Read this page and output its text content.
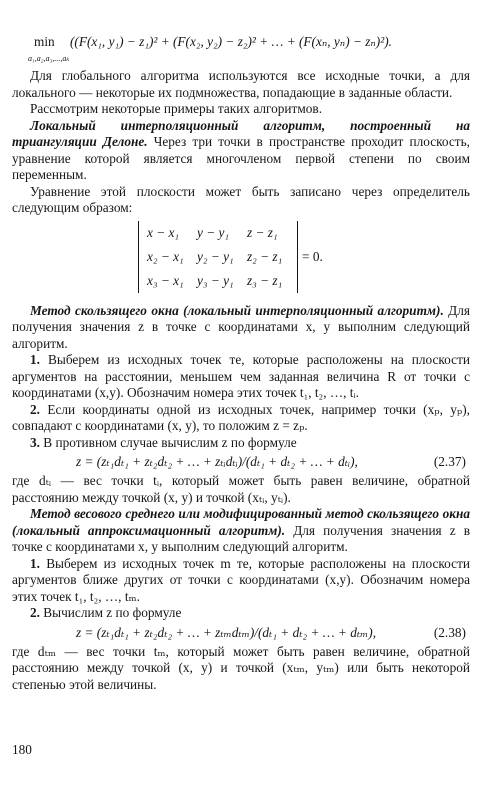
min
a₁,a₂,a₃,...,aₖ
((F(x₁, y₁) − z₁)² + (F(x₂, y₂) − z₂)² + … + (F(xₙ, yₙ) − zₙ)²).

Для глобального алгоритма используются все исходные точки, а для локального — некоторые их подмножества, попадающие в заданные области.

Рассмотрим некоторые примеры таких алгоритмов.

Локальный интерполяционный алгоритм, построенный на триангуляции Делоне. Через три точки в пространстве проходит плоскость, уравнение которой является многочленом первой степени по своим переменным.

Уравнение этой плоскости может быть записано через определитель следующим образом:

x − x₁ y − y₁ z − z₁
x₂ − x₁ y₂ − y₁ z₂ − z₁
x₃ − x₁ y₃ − y₁ z₃ − z₁
= 0.

Метод скользящего окна (локальный интерполяционный алгоритм). Для получения значения z в точке с координатами x, y выполним следующий алгоритм.

1. Выберем из исходных точек те, которые расположены на плоскости аргументов на расстоянии, меньшем чем заданная величина R от точки с координатами (x,y). Обозначим номера этих точек t₁, t₂, …, tᵢ.

2. Если координаты одной из исходных точек, например точки (xₚ, yₚ), совпадают с координатами (x, y), то положим z = zₚ.

3. В противном случае вычислим z по формуле

z = (zₜ₁dₜ₁ + zₜ₂dₜ₂ + … + zₜᵢdₜᵢ)/(dₜ₁ + dₜ₂ + … + dₜᵢ),	(2.37)

где dₜᵢ — вес точки tᵢ, который может быть равен величине, обратной расстоянию между точкой (x, y) и точкой (xₜᵢ, yₜᵢ).

Метод весового среднего или модифицированный метод скользящего окна (локальный аппроксимационный алгоритм). Для получения значения z в точке с координатами x, y выполним следующий алгоритм.

1. Выберем из исходных точек m те, которые расположены на плоскости аргументов ближе других от точки с координатами (x,y). Обозначим номера этих точек t₁, t₂, …, tₘ.

2. Вычислим z по формуле

z = (zₜ₁dₜ₁ + zₜ₂dₜ₂ + … + zₜₘdₜₘ)/(dₜ₁ + dₜ₂ + … + dₜₘ),	(2.38)

где dₜₘ — вес точки tₘ, который может быть равен величине, обратной расстоянию между точкой (x, y) и точкой (xₜₘ, yₜₘ) или быть некоторой степенью этой величины.

180
